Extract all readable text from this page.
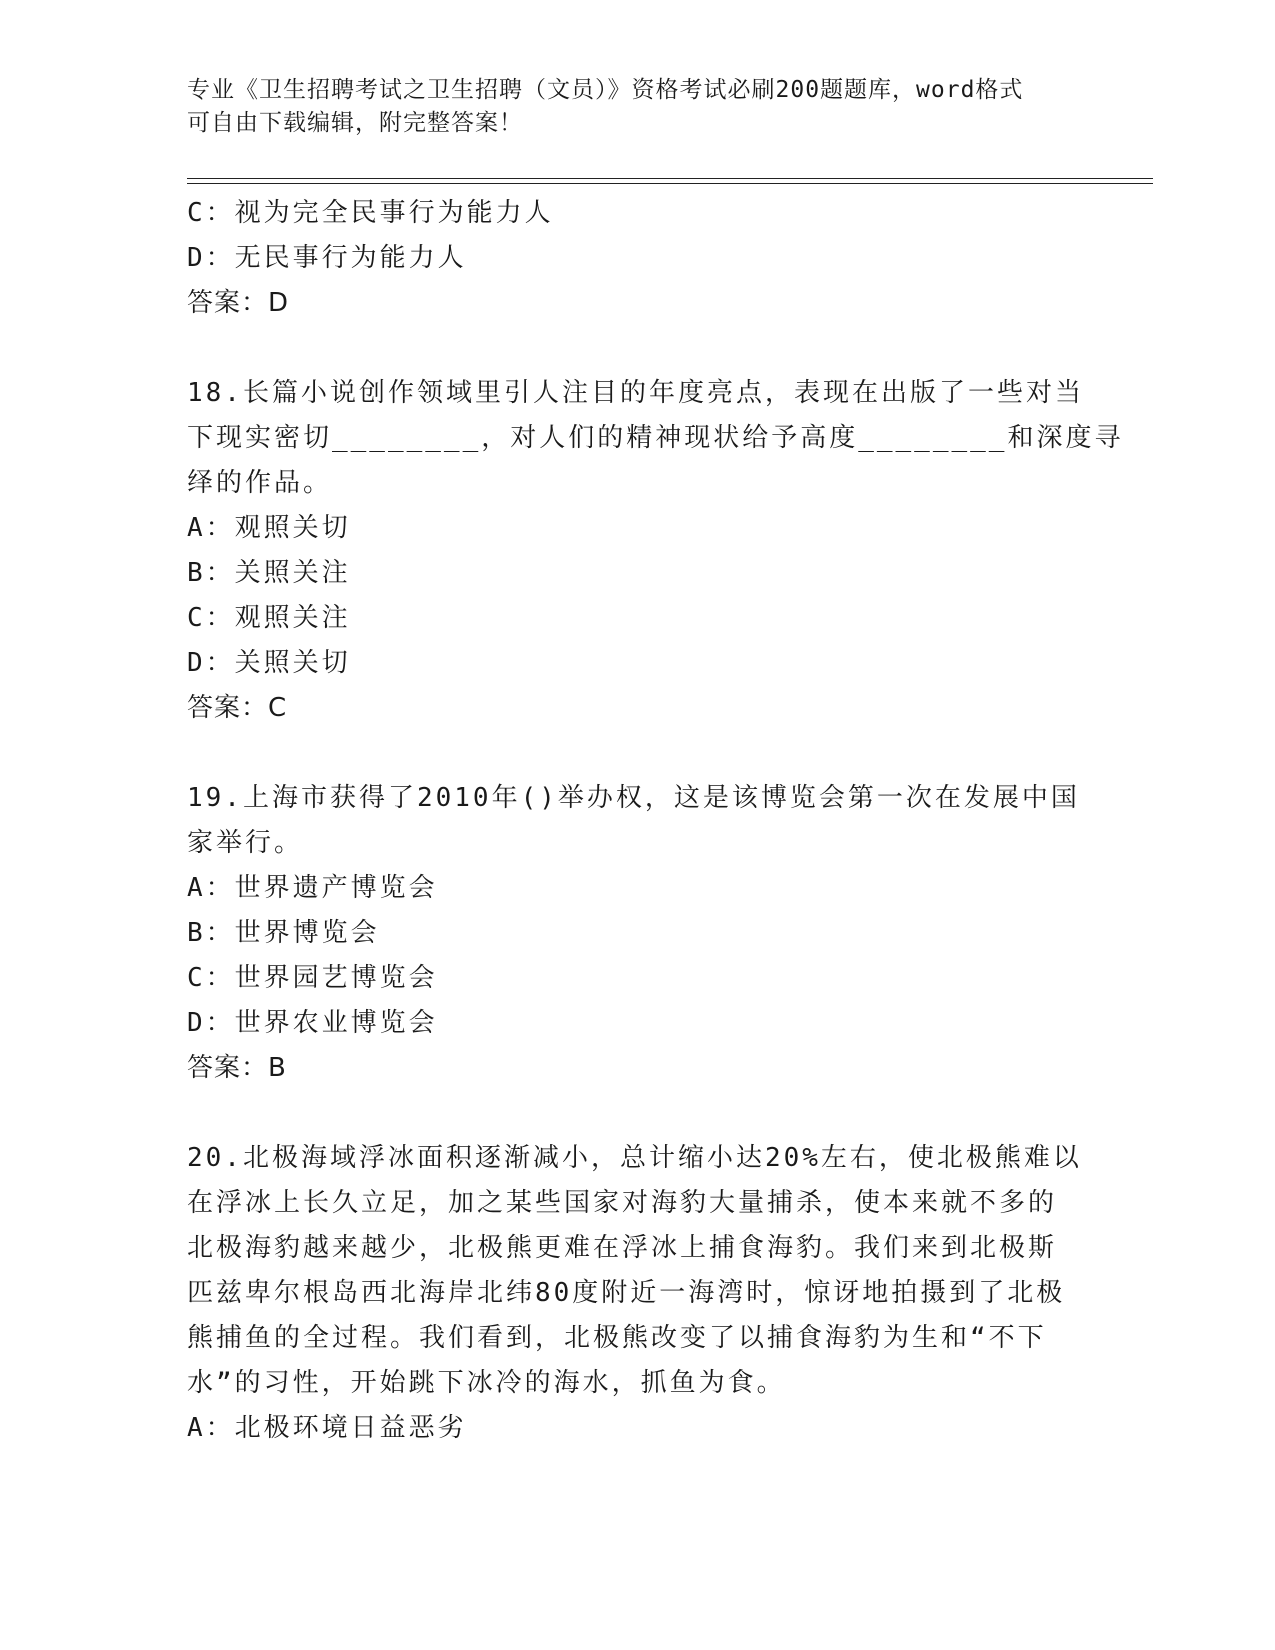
专业《卫生招聘考试之卫生招聘（文员）》资格考试必刷200题题库，word格式

可自由下载编辑，附完整答案！

C：视为完全民事行为能力人
D：无民事行为能力人
答案：D
18.长篇小说创作领域里引人注目的年度亮点，表现在出版了一些对当
下现实密切________，对人们的精神现状给予高度________和深度寻
绎的作品。
A：观照关切
B：关照关注
C：观照关注
D：关照关切
答案：C
19.上海市获得了2010年()举办权，这是该博览会第一次在发展中国
家举行。
A：世界遗产博览会
B：世界博览会
C：世界园艺博览会
D：世界农业博览会
答案：B
20.北极海域浮冰面积逐渐减小，总计缩小达20%左右，使北极熊难以
在浮冰上长久立足，加之某些国家对海豹大量捕杀，使本来就不多的
北极海豹越来越少，北极熊更难在浮冰上捕食海豹。我们来到北极斯
匹兹卑尔根岛西北海岸北纬80度附近一海湾时，惊讶地拍摄到了北极
熊捕鱼的全过程。我们看到，北极熊改变了以捕食海豹为生和“不下
水”的习性，开始跳下冰冷的海水，抓鱼为食。
A：北极环境日益恶劣
